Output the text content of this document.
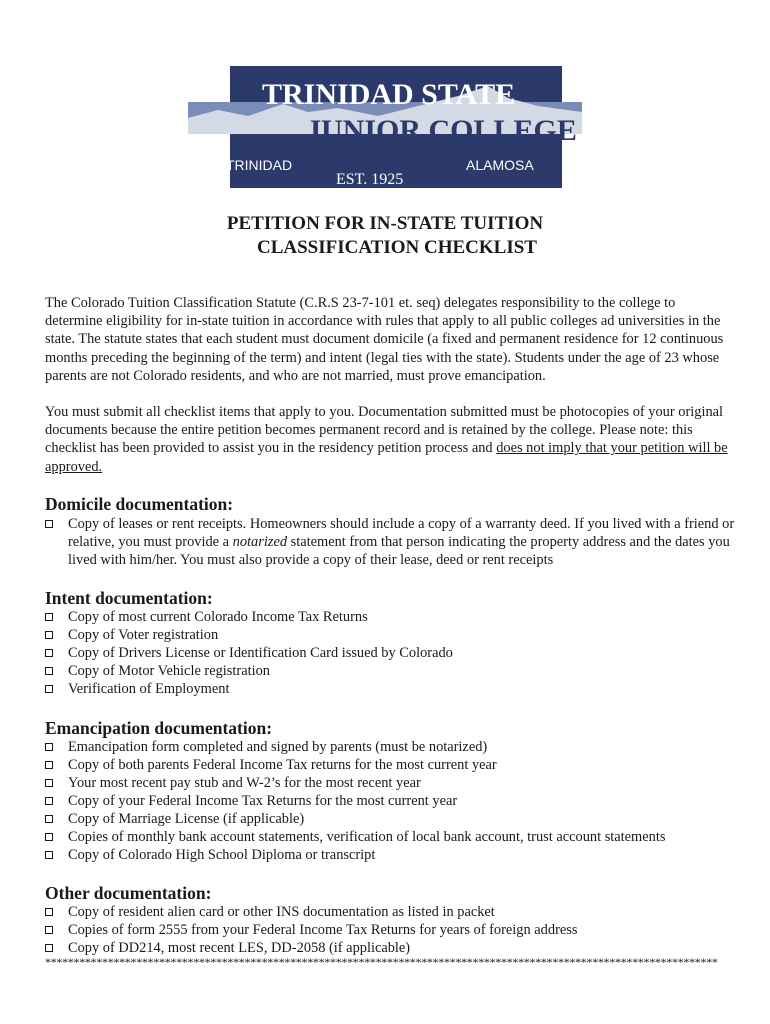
TRINIDAD STATE
JUNIOR COLLEGE
TRINIDAD	ALAMOSA
EST. 1925
PETITION FOR IN-STATE TUITION
CLASSIFICATION CHECKLIST

The Colorado Tuition Classification Statute (C.R.S 23-7-101 et. seq) delegates responsibility to the college to determine eligibility for in-state tuition in accordance with rules that apply to all public colleges ad universities in the state. The statute states that each student must document domicile (a fixed and permanent residence for 12 continuous months preceding the beginning of the term) and intent (legal ties with the state). Students under the age of 23 whose parents are not Colorado residents, and who are not married, must prove emancipation.

You must submit all checklist items that apply to you. Documentation submitted must be photocopies of your original documents because the entire petition becomes permanent record and is retained by the college. Please note: this checklist has been provided to assist you in the residency petition process and does not imply that your petition will be approved.

Domicile documentation:
Copy of leases or rent receipts. Homeowners should include a copy of a warranty deed. If you lived with a friend or relative, you must provide a notarized statement from that person indicating the property address and the dates you lived with him/her. You must also provide a copy of their lease, deed or rent receipts
Intent documentation:
Copy of most current Colorado Income Tax Returns
Copy of Voter registration
Copy of Drivers License or Identification Card issued by Colorado
Copy of Motor Vehicle registration
Verification of Employment
Emancipation documentation:
Emancipation form completed and signed by parents (must be notarized)
Copy of both parents Federal Income Tax returns for the most current year
Your most recent pay stub and W-2’s for the most recent year
Copy of your Federal Income Tax Returns for the most current year
Copy of Marriage License (if applicable)
Copies of monthly bank account statements, verification of local bank account, trust account statements
Copy of Colorado High School Diploma or transcript
Other documentation:
Copy of resident alien card or other INS documentation as listed in packet
Copies of form 2555 from your Federal Income Tax Returns for years of foreign address
Copy of DD214, most recent LES, DD-2058 (if applicable)
**********************************************************************************************************************
